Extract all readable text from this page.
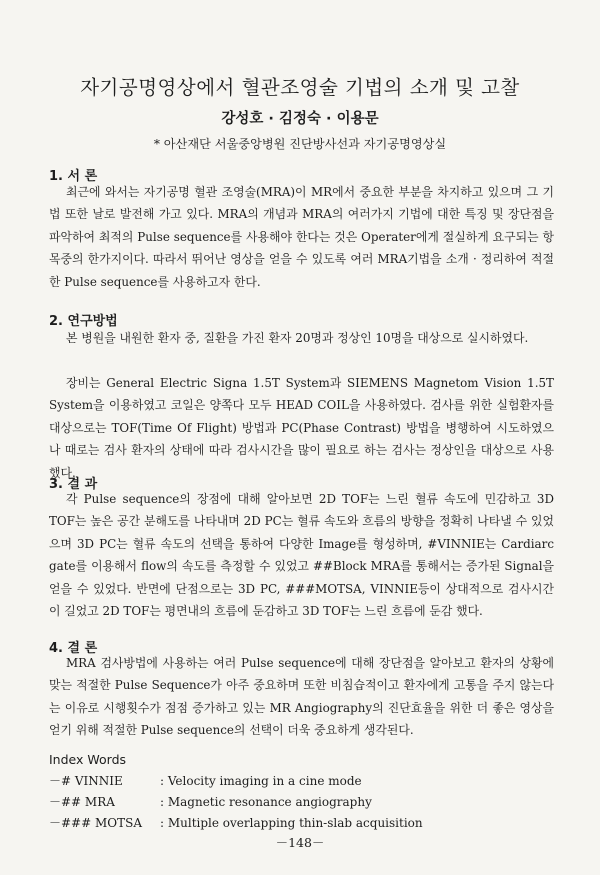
자기공명영상에서 혈관조영술 기법의 소개 및 고찰
강성호 · 김정숙 · 이용문
* 아산재단 서울중앙병원 진단방사선과 자기공명영상실
1. 서 론

최근에 와서는 자기공명 혈관 조영술(MRA)이 MR에서 중요한 부분을 차지하고 있으며 그 기법 또한 날로 발전해 가고 있다. MRA의 개념과 MRA의 여러가지 기법에 대한 특징 및 장단점을 파악하여 최적의 Pulse sequence를 사용해야 한다는 것은 Operater에게 절실하게 요구되는 항목중의 한가지이다. 따라서 뛰어난 영상을 얻을 수 있도록 여러 MRA기법을 소개 · 정리하여 적절한 Pulse sequence를 사용하고자 한다.

2. 연구방법

본 병원을 내원한 환자 중, 질환을 가진 환자 20명과 정상인 10명을 대상으로 실시하였다.

장비는 General Electric Signa 1.5T System과 SIEMENS Magnetom Vision 1.5T System을 이용하였고 코일은 양쪽다 모두 HEAD COIL을 사용하였다. 검사를 위한 실험환자를 대상으로는 TOF(Time Of Flight) 방법과 PC(Phase Contrast) 방법을 병행하여 시도하였으나 때로는 검사 환자의 상태에 따라 검사시간을 많이 필요로 하는 검사는 정상인을 대상으로 사용했다.

3. 결 과

각 Pulse sequence의 장점에 대해 알아보면 2D TOF는 느린 혈류 속도에 민감하고 3D TOF는 높은 공간 분해도를 나타내며 2D PC는 혈류 속도와 흐름의 방향을 정확히 나타낼 수 있었으며 3D PC는 혈류 속도의 선택을 통하여 다양한 Image를 형성하며, #VINNIE는 Cardiarc gate를 이용해서 flow의 속도를 측정할 수 있었고 ##Block MRA를 통해서는 증가된 Signal을 얻을 수 있었다. 반면에 단점으로는 3D PC, ###MOTSA, VINNIE등이 상대적으로 검사시간이 길었고 2D TOF는 평면내의 흐름에 둔감하고 3D TOF는 느린 흐름에 둔감 했다.

4. 결 론

MRA 검사방법에 사용하는 여러 Pulse sequence에 대해 장단점을 알아보고 환자의 상황에 맞는 적절한 Pulse Sequence가 아주 중요하며 또한 비침습적이고 환자에게 고통을 주지 않는다는 이유로 시행횟수가 점점 증가하고 있는 MR Angiography의 진단효율을 위한 더 좋은 영상을 얻기 위해 적절한 Pulse sequence의 선택이 더욱 중요하게 생각된다.

Index Words
－# VINNIE	: Velocity imaging in a cine mode
－## MRA	: Magnetic resonance angiography
－### MOTSA : Multiple overlapping thin-slab acquisition
－148－
